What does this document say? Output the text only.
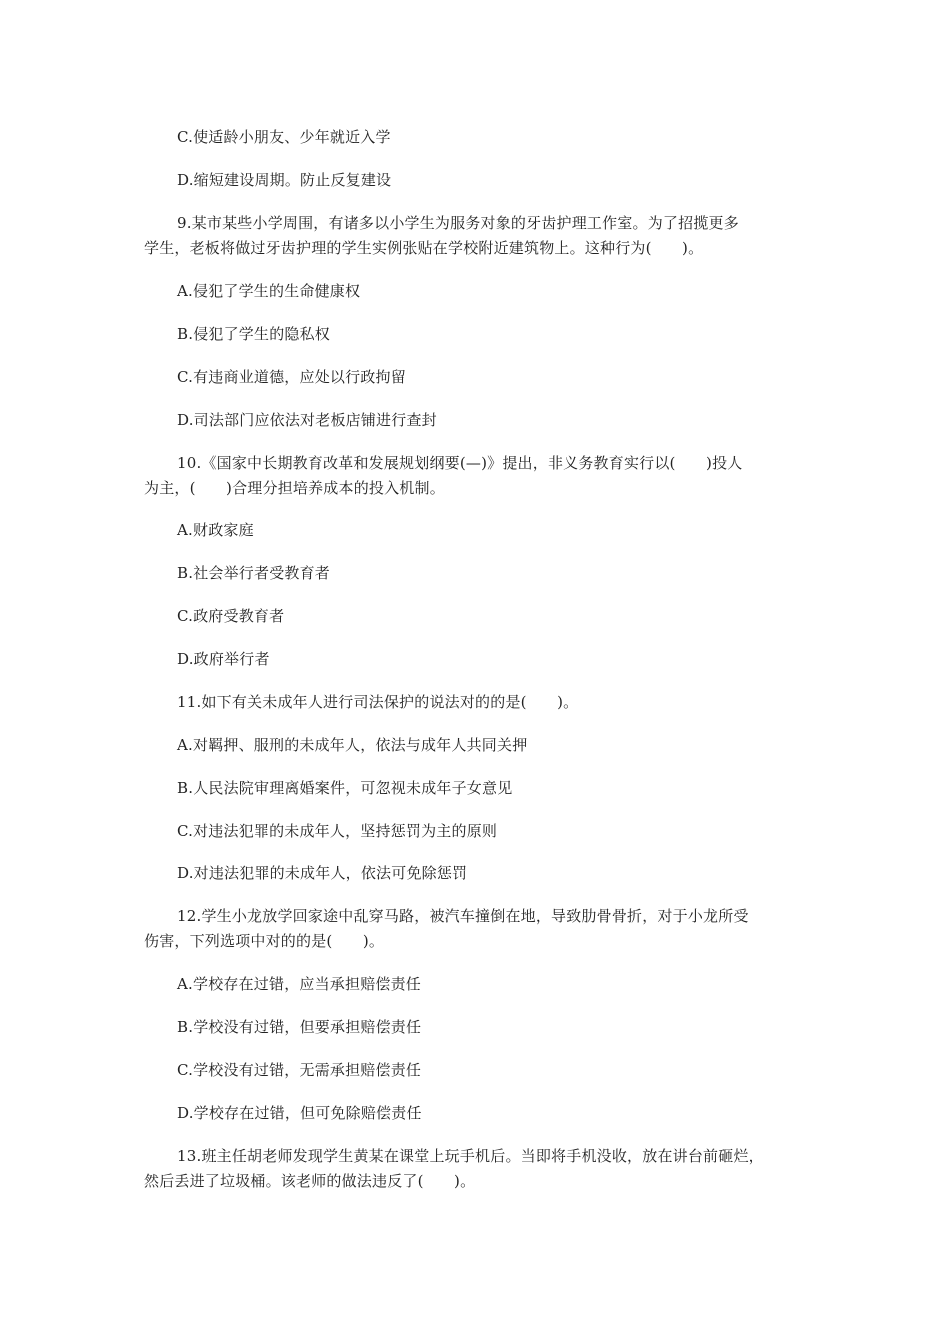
C.使适龄小朋友、少年就近入学
D.缩短建设周期。防止反复建设
9.某市某些小学周围，有诸多以小学生为服务对象的牙齿护理工作室。为了招揽更多
学生，老板将做过牙齿护理的学生实例张贴在学校附近建筑物上。这种行为(　　)。
A.侵犯了学生的生命健康权
B.侵犯了学生的隐私权
C.有违商业道德，应处以行政拘留
D.司法部门应依法对老板店铺进行查封
10.《国家中长期教育改革和发展规划纲要(—)》提出，非义务教育实行以(　　)投人
为主，(　　)合理分担培养成本的投入机制。
A.财政家庭
B.社会举行者受教育者
C.政府受教育者
D.政府举行者
11.如下有关未成年人进行司法保护的说法对的的是(　　)。
A.对羁押、服刑的未成年人，依法与成年人共同关押
B.人民法院审理离婚案件，可忽视未成年子女意见
C.对违法犯罪的未成年人，坚持惩罚为主的原则
D.对违法犯罪的未成年人，依法可免除惩罚
12.学生小龙放学回家途中乱穿马路，被汽车撞倒在地，导致肋骨骨折，对于小龙所受
伤害，下列选项中对的的是(　　)。
A.学校存在过错，应当承担赔偿责任
B.学校没有过错，但要承担赔偿责任
C.学校没有过错，无需承担赔偿责任
D.学校存在过错，但可免除赔偿责任
13.班主任胡老师发现学生黄某在课堂上玩手机后。当即将手机没收，放在讲台前砸烂，
然后丢进了垃圾桶。该老师的做法违反了(　　)。
